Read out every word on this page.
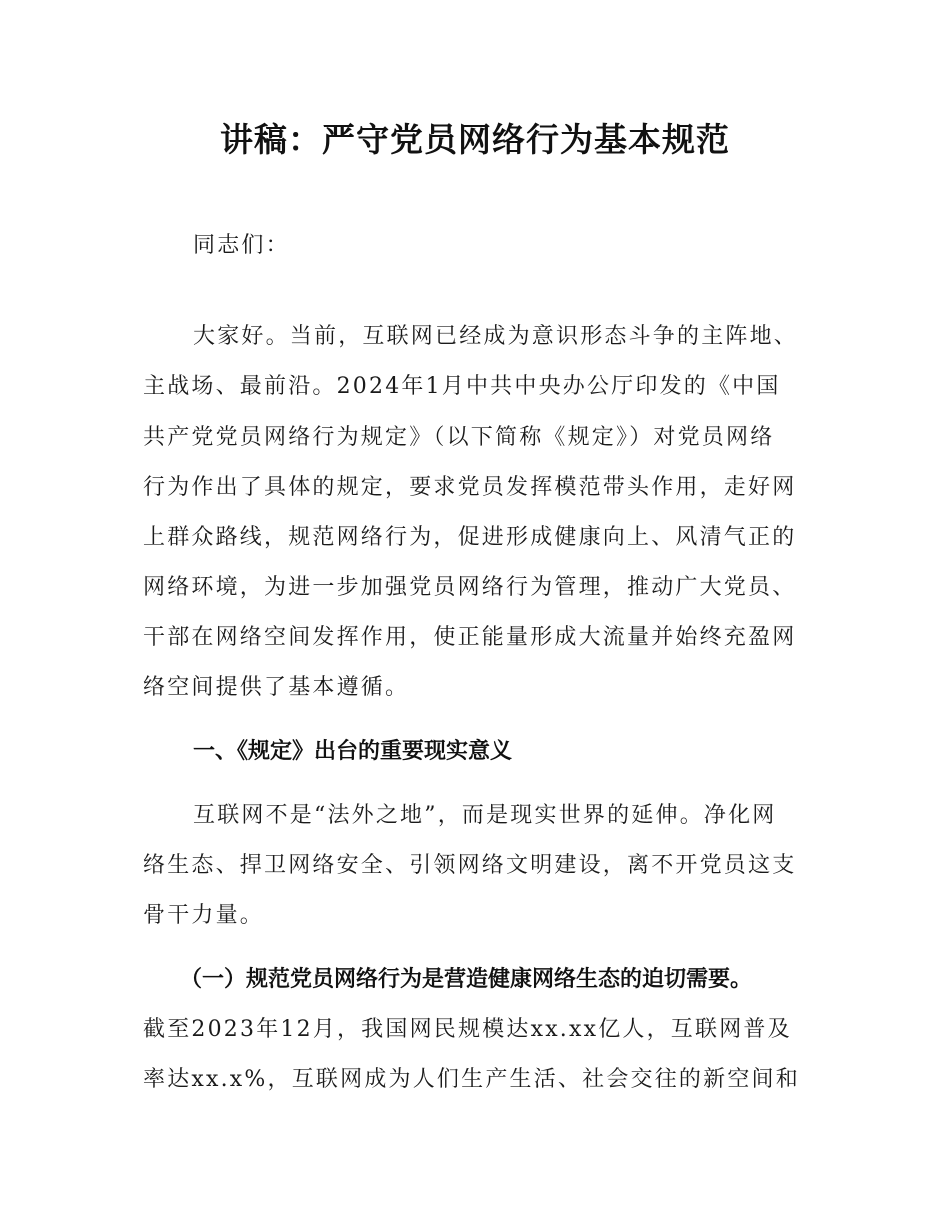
讲稿：严守党员网络行为基本规范
同志们：
大家好。当前，互联网已经成为意识形态斗争的主阵地、
主战场、最前沿。2024年1月中共中央办公厅印发的《中国
共产党党员网络行为规定》（以下简称《规定》）对党员网络
行为作出了具体的规定，要求党员发挥模范带头作用，走好网
上群众路线，规范网络行为，促进形成健康向上、风清气正的
网络环境，为进一步加强党员网络行为管理，推动广大党员、
干部在网络空间发挥作用，使正能量形成大流量并始终充盈网
络空间提供了基本遵循。
一、《规定》出台的重要现实意义
互联网不是“法外之地”，而是现实世界的延伸。净化网
络生态、捍卫网络安全、引领网络文明建设，离不开党员这支
骨干力量。
（一）规范党员网络行为是营造健康网络生态的迫切需要。
截至2023年12月，我国网民规模达xx.xx亿人，互联网普及
率达xx.x%，互联网成为人们生产生活、社会交往的新空间和
